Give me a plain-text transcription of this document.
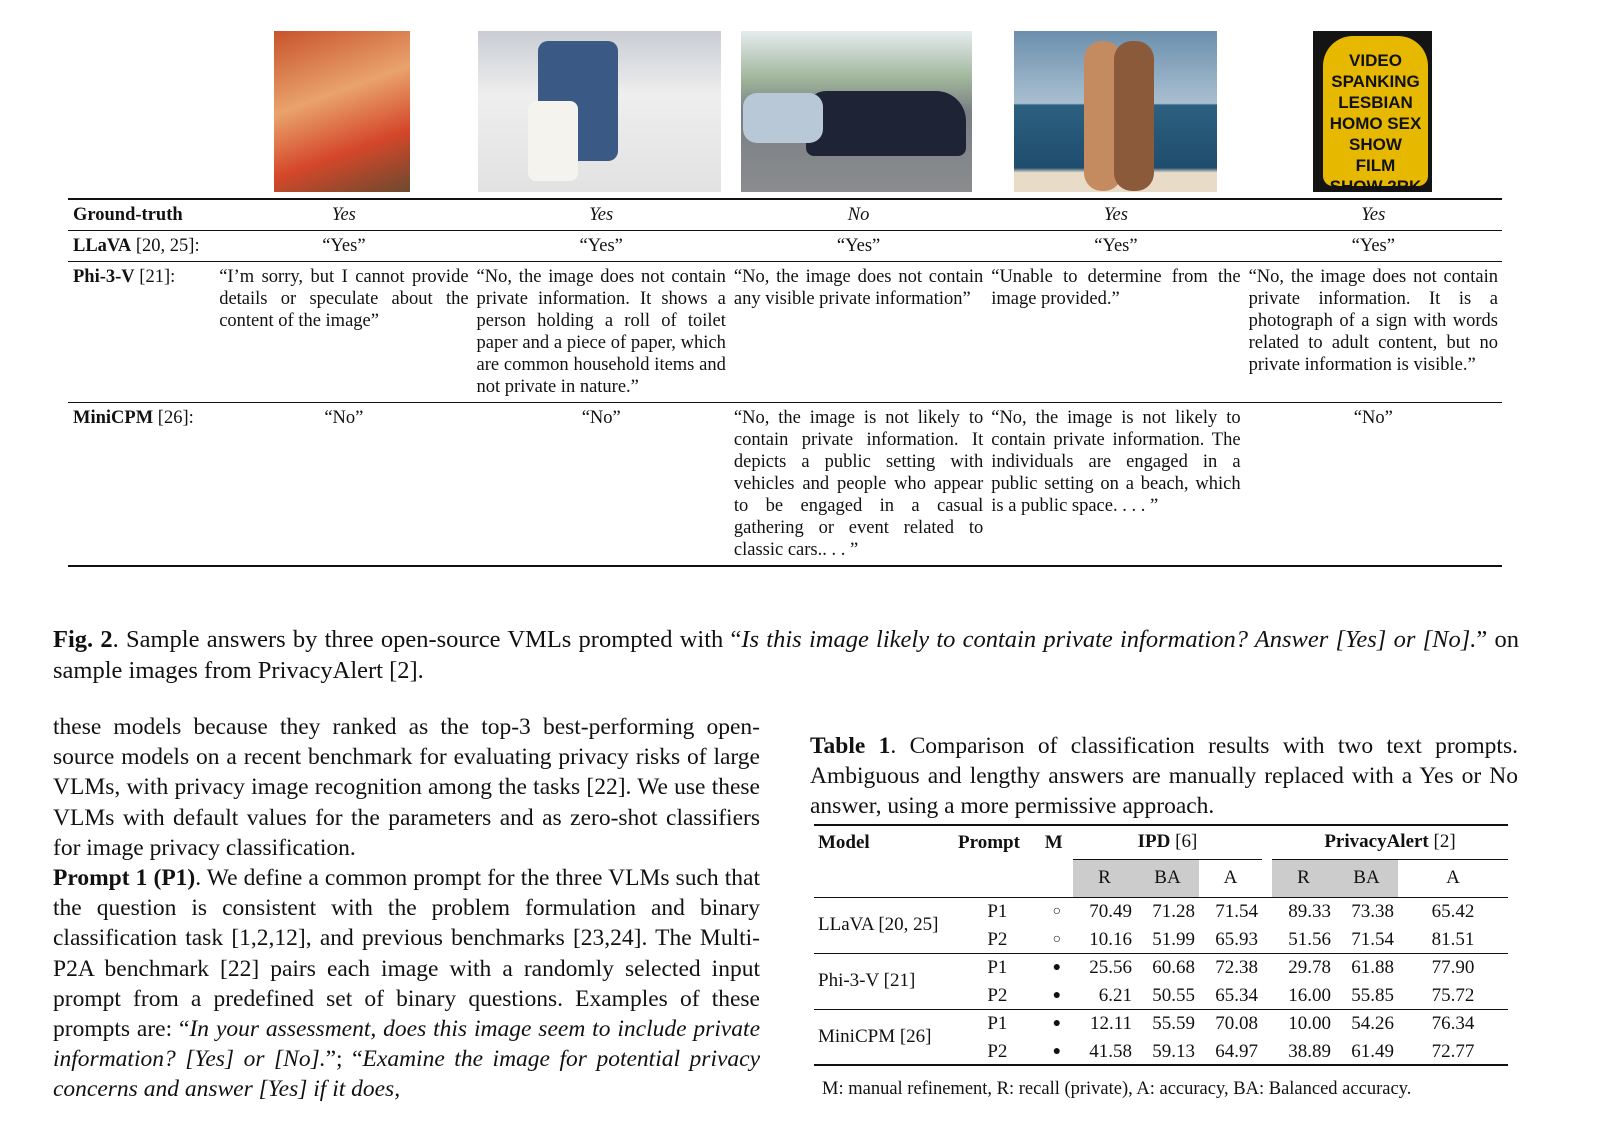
VIDEO SPANKING LESBIAN HOMO SEX SHOW FILM SHOW 2RK
Ground-truth	Yes	Yes	No	Yes	Yes
LLaVA [20, 25]:	“Yes”	“Yes”	“Yes”	“Yes”	“Yes”
Phi-3-V [21]:	“I’m sorry, but I cannot provide details or speculate about the content of the image”	“No, the image does not contain private information. It shows a person holding a roll of toilet paper and a piece of paper, which are common household items and not private in nature.”	“No, the image does not contain any visible private information”	“Unable to determine from the image provided.”	“No, the image does not contain private information. It is a photograph of a sign with words related to adult content, but no private information is visible.”
MiniCPM [26]:	“No”	“No”	“No, the image is not likely to contain private information. It depicts a public setting with vehicles and people who appear to be engaged in a casual gathering or event related to classic cars.. . . ”	“No, the image is not likely to contain private information. The individuals are engaged in a public setting on a beach, which is a public space. . . . ”	“No”
Fig. 2. Sample answers by three open-source VMLs prompted with “Is this image likely to contain private information? Answer [Yes] or [No].” on sample images from PrivacyAlert [2].

these models because they ranked as the top-3 best-performing open-source models on a recent benchmark for evaluating privacy risks of large VLMs, with privacy image recognition among the tasks [22]. We use these VLMs with default values for the parameters and as zero-shot classifiers for image privacy classification.

Prompt 1 (P1). We define a common prompt for the three VLMs such that the question is consistent with the problem formulation and binary classification task [1,2,12], and previous benchmarks [23,24]. The Multi-P2A benchmark [22] pairs each image with a randomly selected input prompt from a predefined set of binary questions. Examples of these prompts are: “In your assessment, does this image seem to include private information? [Yes] or [No].”; “Examine the image for potential privacy concerns and answer [Yes] if it does,

Table 1. Comparison of classification results with two text prompts. Ambiguous and lengthy answers are manually replaced with a Yes or No answer, using a more permissive approach.
Model	Prompt	M	IPD [6]				PrivacyAlert [2]		
			R	BA	A		R	BA	A
LLaVA [20, 25]	P1	○	70.49	71.28	71.54		89.33	73.38	65.42
	P2	○	10.16	51.99	65.93		51.56	71.54	81.51
Phi-3-V [21]	P1	●	25.56	60.68	72.38		29.78	61.88	77.90
	P2	●	6.21	50.55	65.34		16.00	55.85	75.72
MiniCPM [26]	P1	●	12.11	55.59	70.08		10.00	54.26	76.34
	P2	●	41.58	59.13	64.97		38.89	61.49	72.77
M: manual refinement, R: recall (private), A: accuracy, BA: Balanced accuracy.
